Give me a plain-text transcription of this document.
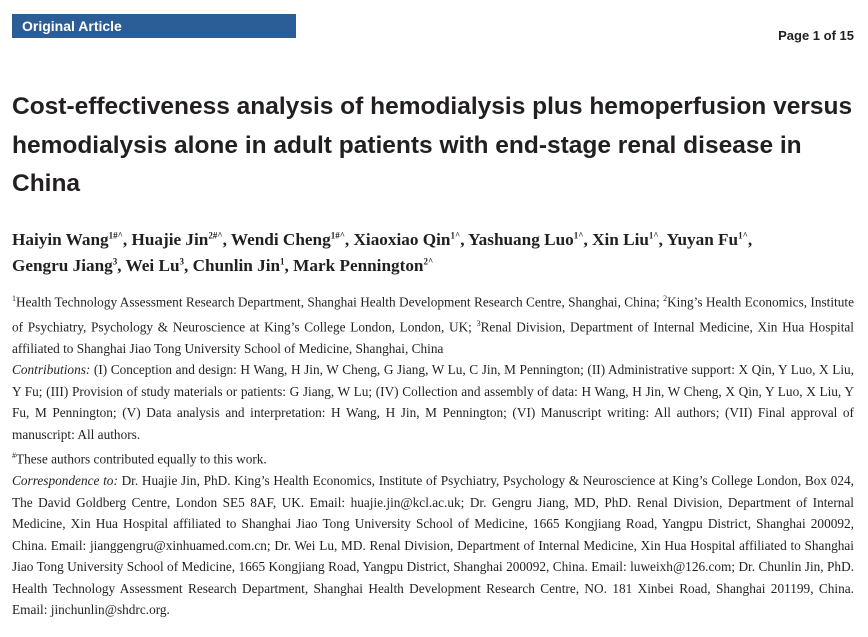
Original Article
Page 1 of 15
Cost-effectiveness analysis of hemodialysis plus hemoperfusion versus hemodialysis alone in adult patients with end-stage renal disease in China
Haiyin Wang$^{1\#\^{}}$, Huajie Jin$^{2\#\^{}}$, Wendi Cheng$^{1\#\^{}}$, Xiaoxiao Qin$^{1\^{}}$, Yashuang Luo$^{1\^{}}$, Xin Liu$^{1\^{}}$, Yuyan $Fu^{1\^{}}$,
Gengru Jiang$^3$, Wei Lu$^3$, Chunlin Jin$^1$, Mark Pennington$^{2\^{}}$

$^1$Health Technology Assessment Research Department, Shanghai Health Development Research Centre, Shanghai, China; $^2$King’s Health Economics, Institute of Psychiatry, Psychology & Neuroscience at King’s College London, London, UK; $^3$Renal Division, Department of Internal Medicine, Xin Hua Hospital affiliated to Shanghai Jiao Tong University School of Medicine, Shanghai, China

Contributions: (I) Conception and design: H Wang, H Jin, W Cheng, G Jiang, W Lu, C Jin, M Pennington; (II) Administrative support: X Qin, Y Luo, X Liu, Y Fu; (III) Provision of study materials or patients: G Jiang, W Lu; (IV) Collection and assembly of data: H Wang, H Jin, W Cheng, X Qin, Y Luo, X Liu, Y Fu, M Pennington; (V) Data analysis and interpretation: H Wang, H Jin, M Pennington; (VI) Manuscript writing: All authors; (VII) Final approval of manuscript: All authors.

#These authors contributed equally to this work.

Correspondence to: Dr. Huajie Jin, PhD. King’s Health Economics, Institute of Psychiatry, Psychology & Neuroscience at King’s College London, Box 024, The David Goldberg Centre, London SE5 8AF, UK. Email: huajie.jin@kcl.ac.uk; Dr. Gengru Jiang, MD, PhD. Renal Division, Department of Internal Medicine, Xin Hua Hospital affiliated to Shanghai Jiao Tong University School of Medicine, 1665 Kongjiang Road, Yangpu District, Shanghai 200092, China. Email: jianggengru@xinhuamed.com.cn; Dr. Wei Lu, MD. Renal Division, Department of Internal Medicine, Xin Hua Hospital affiliated to Shanghai Jiao Tong University School of Medicine, 1665 Kongjiang Road, Yangpu District, Shanghai 200092, China. Email: luweixh@126.com; Dr. Chunlin Jin, PhD. Health Technology Assessment Research Department, Shanghai Health Development Research Centre, NO. 181 Xinbei Road, Shanghai 201199, China. Email: jinchunlin@shdrc.org.
